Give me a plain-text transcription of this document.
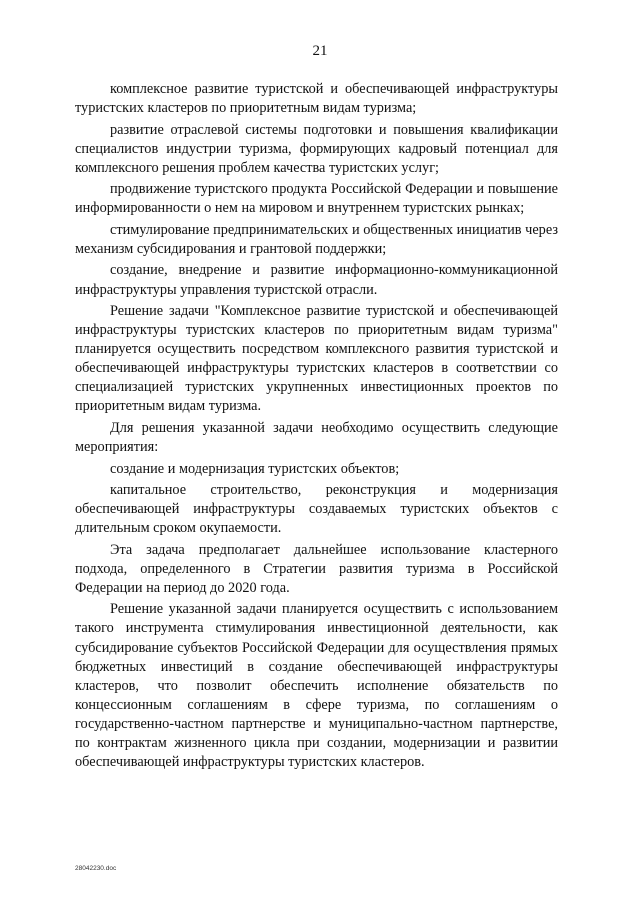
21

комплексное развитие туристской и обеспечивающей инфраструктуры туристских кластеров по приоритетным видам туризма;

развитие отраслевой системы подготовки и повышения квалификации специалистов индустрии туризма, формирующих кадровый потенциал для комплексного решения проблем качества туристских услуг;

продвижение туристского продукта Российской Федерации и повышение информированности о нем на мировом и внутреннем туристских рынках;

стимулирование предпринимательских и общественных инициатив через механизм субсидирования и грантовой поддержки;

создание, внедрение и развитие информационно-коммуникационной инфраструктуры управления туристской отрасли.

Решение задачи "Комплексное развитие туристской и обеспечивающей инфраструктуры туристских кластеров по приоритетным видам туризма" планируется осуществить посредством комплексного развития туристской и обеспечивающей инфраструктуры туристских кластеров в соответствии со специализацией туристских укрупненных инвестиционных проектов по приоритетным видам туризма.

Для решения указанной задачи необходимо осуществить следующие мероприятия:

создание и модернизация туристских объектов;

капитальное строительство, реконструкция и модернизация обеспечивающей инфраструктуры создаваемых туристских объектов с длительным сроком окупаемости.

Эта задача предполагает дальнейшее использование кластерного подхода, определенного в Стратегии развития туризма в Российской Федерации на период до 2020 года.

Решение указанной задачи планируется осуществить с использованием такого инструмента стимулирования инвестиционной деятельности, как субсидирование субъектов Российской Федерации для осуществления прямых бюджетных инвестиций в создание обеспечивающей инфраструктуры кластеров, что позволит обеспечить исполнение обязательств по концессионным соглашениям в сфере туризма, по соглашениям о государственно-частном партнерстве и муниципально-частном партнерстве, по контрактам жизненного цикла при создании, модернизации и развитии обеспечивающей инфраструктуры туристских кластеров.

28042230.doc
